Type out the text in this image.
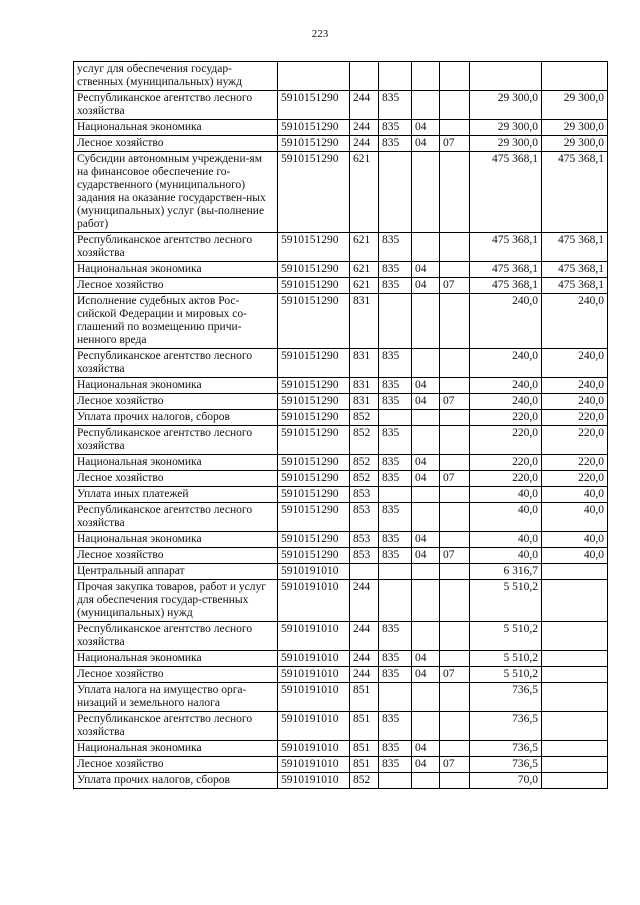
223
услуг для обеспечения государ-ственных (муниципальных) нужд							
Республиканское агентство лесного хозяйства	5910151290	244	835			29 300,0	29 300,0
Национальная экономика	5910151290	244	835	04		29 300,0	29 300,0
Лесное хозяйство	5910151290	244	835	04	07	29 300,0	29 300,0
Субсидии автономным учреждени-ям на финансовое обеспечение го-сударственного (муниципального) задания на оказание государствен-ных (муниципальных) услуг (вы-полнение работ)	5910151290	621				475 368,1	475 368,1
Республиканское агентство лесного хозяйства	5910151290	621	835			475 368,1	475 368,1
Национальная экономика	5910151290	621	835	04		475 368,1	475 368,1
Лесное хозяйство	5910151290	621	835	04	07	475 368,1	475 368,1
Исполнение судебных актов Рос-сийской Федерации и мировых со-глашений по возмещению причи-ненного вреда	5910151290	831				240,0	240,0
Республиканское агентство лесного хозяйства	5910151290	831	835			240,0	240,0
Национальная экономика	5910151290	831	835	04		240,0	240,0
Лесное хозяйство	5910151290	831	835	04	07	240,0	240,0
Уплата прочих налогов, сборов	5910151290	852				220,0	220,0
Республиканское агентство лесного хозяйства	5910151290	852	835			220,0	220,0
Национальная экономика	5910151290	852	835	04		220,0	220,0
Лесное хозяйство	5910151290	852	835	04	07	220,0	220,0
Уплата иных платежей	5910151290	853				40,0	40,0
Республиканское агентство лесного хозяйства	5910151290	853	835			40,0	40,0
Национальная экономика	5910151290	853	835	04		40,0	40,0
Лесное хозяйство	5910151290	853	835	04	07	40,0	40,0
Центральный аппарат	5910191010					6 316,7	
Прочая закупка товаров, работ и услуг для обеспечения государ-ственных (муниципальных) нужд	5910191010	244				5 510,2	
Республиканское агентство лесного хозяйства	5910191010	244	835			5 510,2	
Национальная экономика	5910191010	244	835	04		5 510,2	
Лесное хозяйство	5910191010	244	835	04	07	5 510,2	
Уплата налога на имущество орга-низаций и земельного налога	5910191010	851				736,5	
Республиканское агентство лесного хозяйства	5910191010	851	835			736,5	
Национальная экономика	5910191010	851	835	04		736,5	
Лесное хозяйство	5910191010	851	835	04	07	736,5	
Уплата прочих налогов, сборов	5910191010	852				70,0	
